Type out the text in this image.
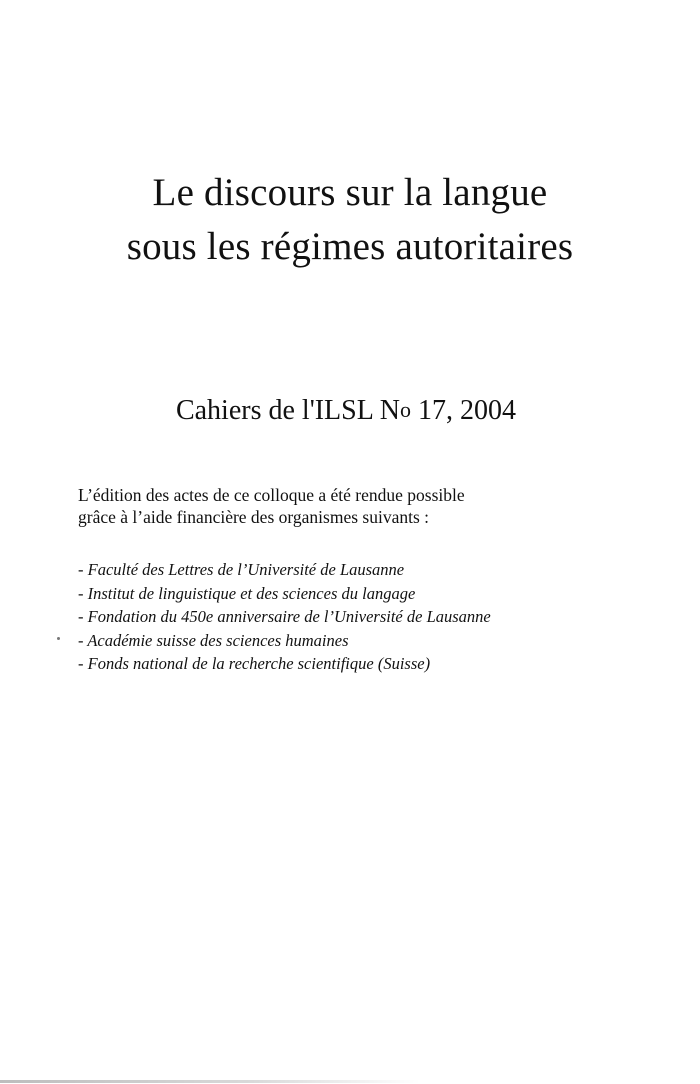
Le discours sur la langue
sous les régimes autoritaires
Cahiers de l'ILSL No 17, 2004

L’édition des actes de ce colloque a été rendue possible
grâce à l’aide financière des organismes suivants :

- Faculté des Lettres de l’Université de Lausanne
- Institut de linguistique et des sciences du langage
- Fondation du 450e anniversaire de l’Université de Lausanne
- Académie suisse des sciences humaines
- Fonds national de la recherche scientifique (Suisse)
